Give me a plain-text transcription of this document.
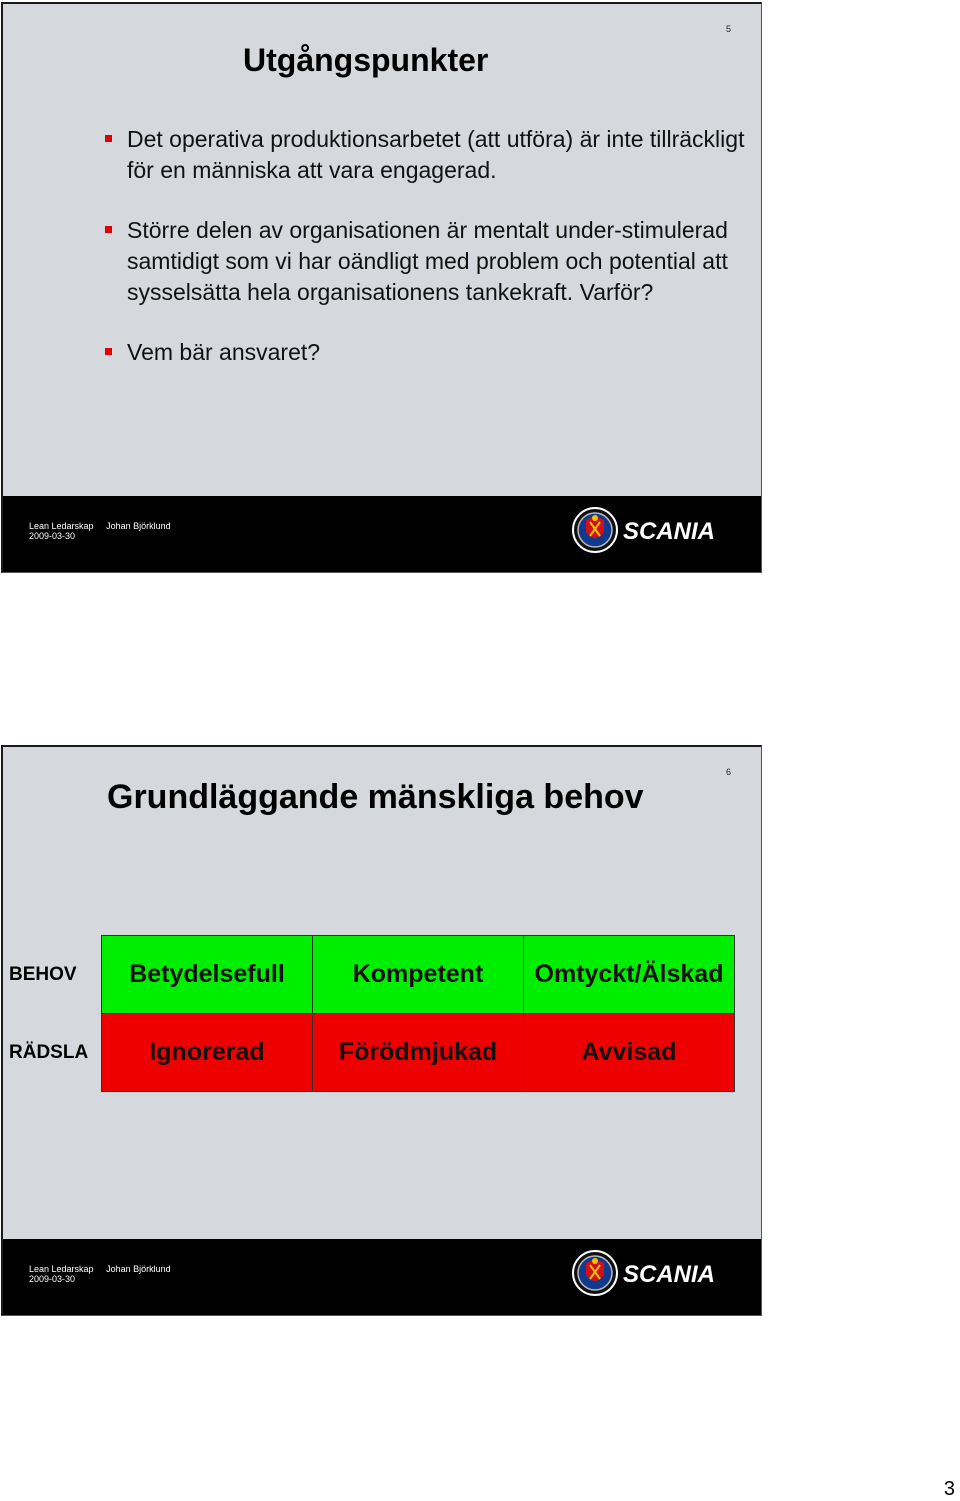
5
Utgångspunkter
Det operativa produktionsarbetet (att utföra) är inte tillräckligt för en människa att vara engagerad.
Större delen av organisationen är mentalt under-stimulerad samtidigt som vi har oändligt med problem och potential att sysselsätta hela organisationens tankekraft. Varför?
Vem bär ansvaret?
Lean Ledarskap Johan Björklund
2009-03-30	SCANIA
6
Grundläggande mänskliga behov
BEHOV	Betydelsefull	Kompetent	Omtyckt/Älskad
RÄDSLA	Ignorerad	Förödmjukad	Avvisad
Lean Ledarskap Johan Björklund
2009-03-30	SCANIA
3
